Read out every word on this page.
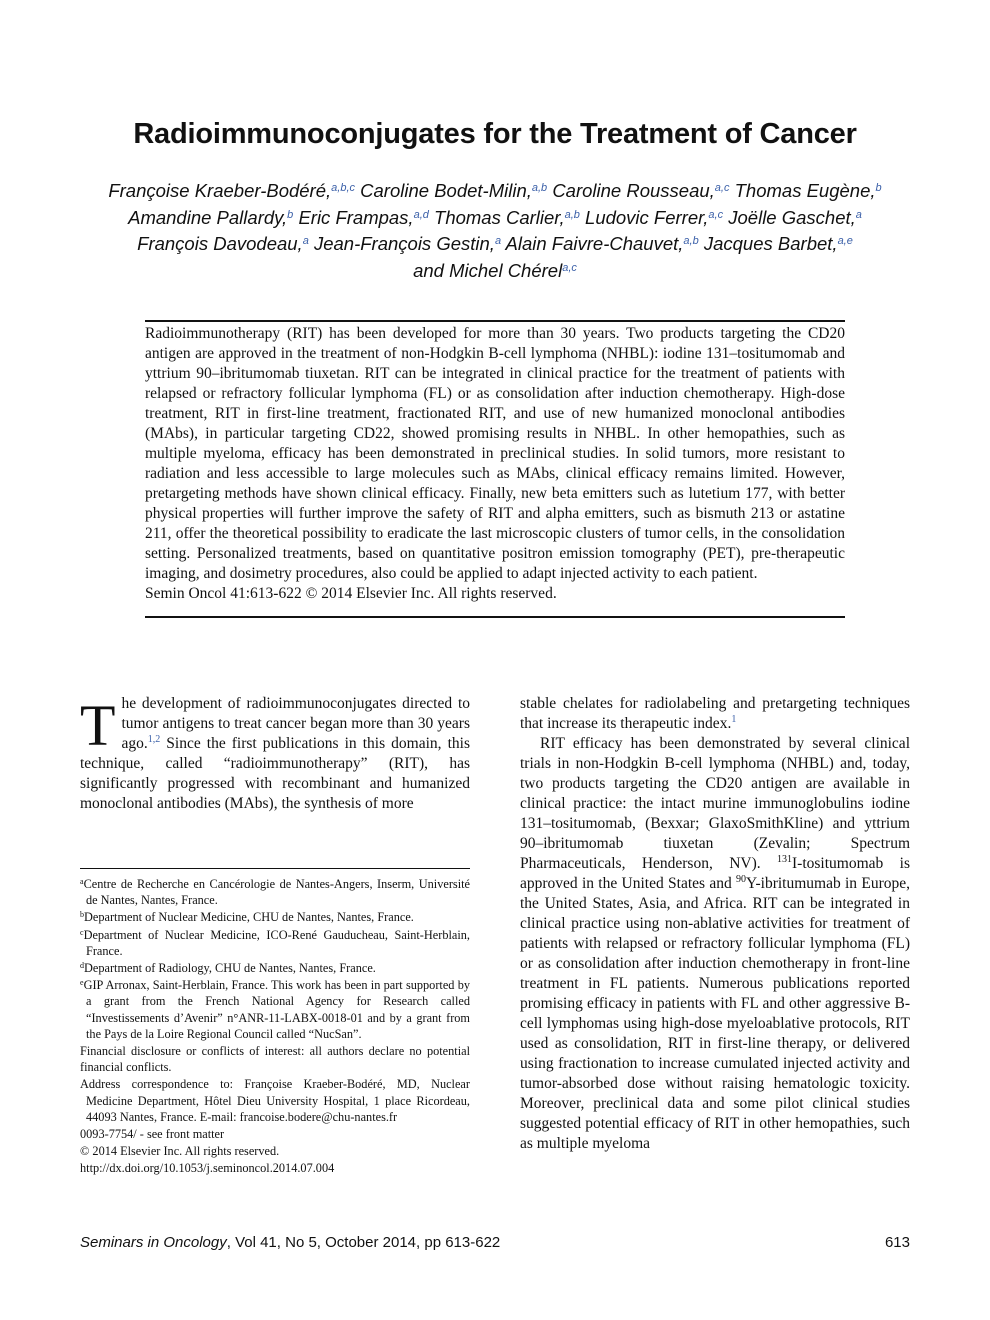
Radioimmunoconjugates for the Treatment of Cancer
Françoise Kraeber-Bodéré,$^{a,b,c}$ Caroline Bodet-Milin,$^{a,b}$ Caroline Rousseau,$^{a,c}$ Thomas Eugène,$^b$
Amandine Pallardy,$^b$ Eric Frampas,$^{a,d}$ Thomas Carlier,$^{a,b}$ Ludovic Ferrer,$^{a,c}$ Joëlle Gaschet,$^a$
François Davodeau,$^a$ Jean-François Gestin,$^a$ Alain Faivre-Chauvet,$^{a,b}$ Jacques Barbet,$^{a,e}$
and Michel Chérel$^{a,c}$

Radioimmunotherapy (RIT) has been developed for more than 30 years. Two products targeting the CD20 antigen are approved in the treatment of non-Hodgkin B-cell lymphoma (NHBL): iodine 131–tositumomab and yttrium 90–ibritumomab tiuxetan. RIT can be integrated in clinical practice for the treatment of patients with relapsed or refractory follicular lymphoma (FL) or as consolidation after induction chemotherapy. High-dose treatment, RIT in first-line treatment, fractionated RIT, and use of new humanized monoclonal antibodies (MAbs), in particular targeting CD22, showed promising results in NHBL. In other hemopathies, such as multiple myeloma, efficacy has been demonstrated in preclinical studies. In solid tumors, more resistant to radiation and less accessible to large molecules such as MAbs, clinical efficacy remains limited. However, pretargeting methods have shown clinical efficacy. Finally, new beta emitters such as lutetium 177, with better physical properties will further improve the safety of RIT and alpha emitters, such as bismuth 213 or astatine 211, offer the theoretical possibility to eradicate the last microscopic clusters of tumor cells, in the consolidation setting. Personalized treatments, based on quantitative positron emission tomography (PET), pre-therapeutic imaging, and dosimetry procedures, also could be applied to adapt injected activity to each patient.

Semin Oncol 41:613-622 © 2014 Elsevier Inc. All rights reserved.

The development of radioimmunoconjugates directed to tumor antigens to treat cancer began more than 30 years ago.$^{1,2}$ Since the first publications in this domain, this technique, called “radioimmunotherapy” (RIT), has significantly progressed with recombinant and humanized monoclonal antibodies (MAbs), the synthesis of more

$^a$Centre de Recherche en Cancérologie de Nantes-Angers, Inserm, Université de Nantes, Nantes, France.

$^b$Department of Nuclear Medicine, CHU de Nantes, Nantes, France.

$^c$Department of Nuclear Medicine, ICO-René Gauducheau, Saint-Herblain, France.

$^d$Department of Radiology, CHU de Nantes, Nantes, France.

$^e$GIP Arronax, Saint-Herblain, France. This work has been in part supported by a grant from the French National Agency for Research called “Investissements d’Avenir” n°ANR-11-LABX-0018-01 and by a grant from the Pays de la Loire Regional Council called “NucSan”.

Financial disclosure or conflicts of interest: all authors declare no potential financial conflicts.

Address correspondence to: Françoise Kraeber-Bodéré, MD, Nuclear Medicine Department, Hôtel Dieu University Hospital, 1 place Ricordeau, 44093 Nantes, France. E-mail: francoise.bodere@chu-nantes.fr

0093-7754/ - see front matter

© 2014 Elsevier Inc. All rights reserved.

http://dx.doi.org/10.1053/j.seminoncol.2014.07.004

stable chelates for radiolabeling and pretargeting techniques that increase its therapeutic index.$^1$

RIT efficacy has been demonstrated by several clinical trials in non-Hodgkin B-cell lymphoma (NHBL) and, today, two products targeting the CD20 antigen are available in clinical practice: the intact murine immunoglobulins iodine 131–tositumomab, (Bexxar; GlaxoSmithKline) and yttrium 90–ibritumomab tiuxetan (Zevalin; Spectrum Pharmaceuticals, Henderson, NV). $^{131}$I-tositumomab is approved in the United States and $^{90}$Y-ibritumumab in Europe, the United States, Asia, and Africa. RIT can be integrated in clinical practice using non-ablative activities for treatment of patients with relapsed or refractory follicular lymphoma (FL) or as consolidation after induction chemotherapy in front-line treatment in FL patients. Numerous publications reported promising efficacy in patients with FL and other aggressive B-cell lymphomas using high-dose myeloablative protocols, RIT used as consolidation, RIT in first-line therapy, or delivered using fractionation to increase cumulated injected activity and tumor-absorbed dose without raising hematologic toxicity. Moreover, preclinical data and some pilot clinical studies suggested potential efficacy of RIT in other hemopathies, such as multiple myeloma

Seminars in Oncology, Vol 41, No 5, October 2014, pp 613-622	613
